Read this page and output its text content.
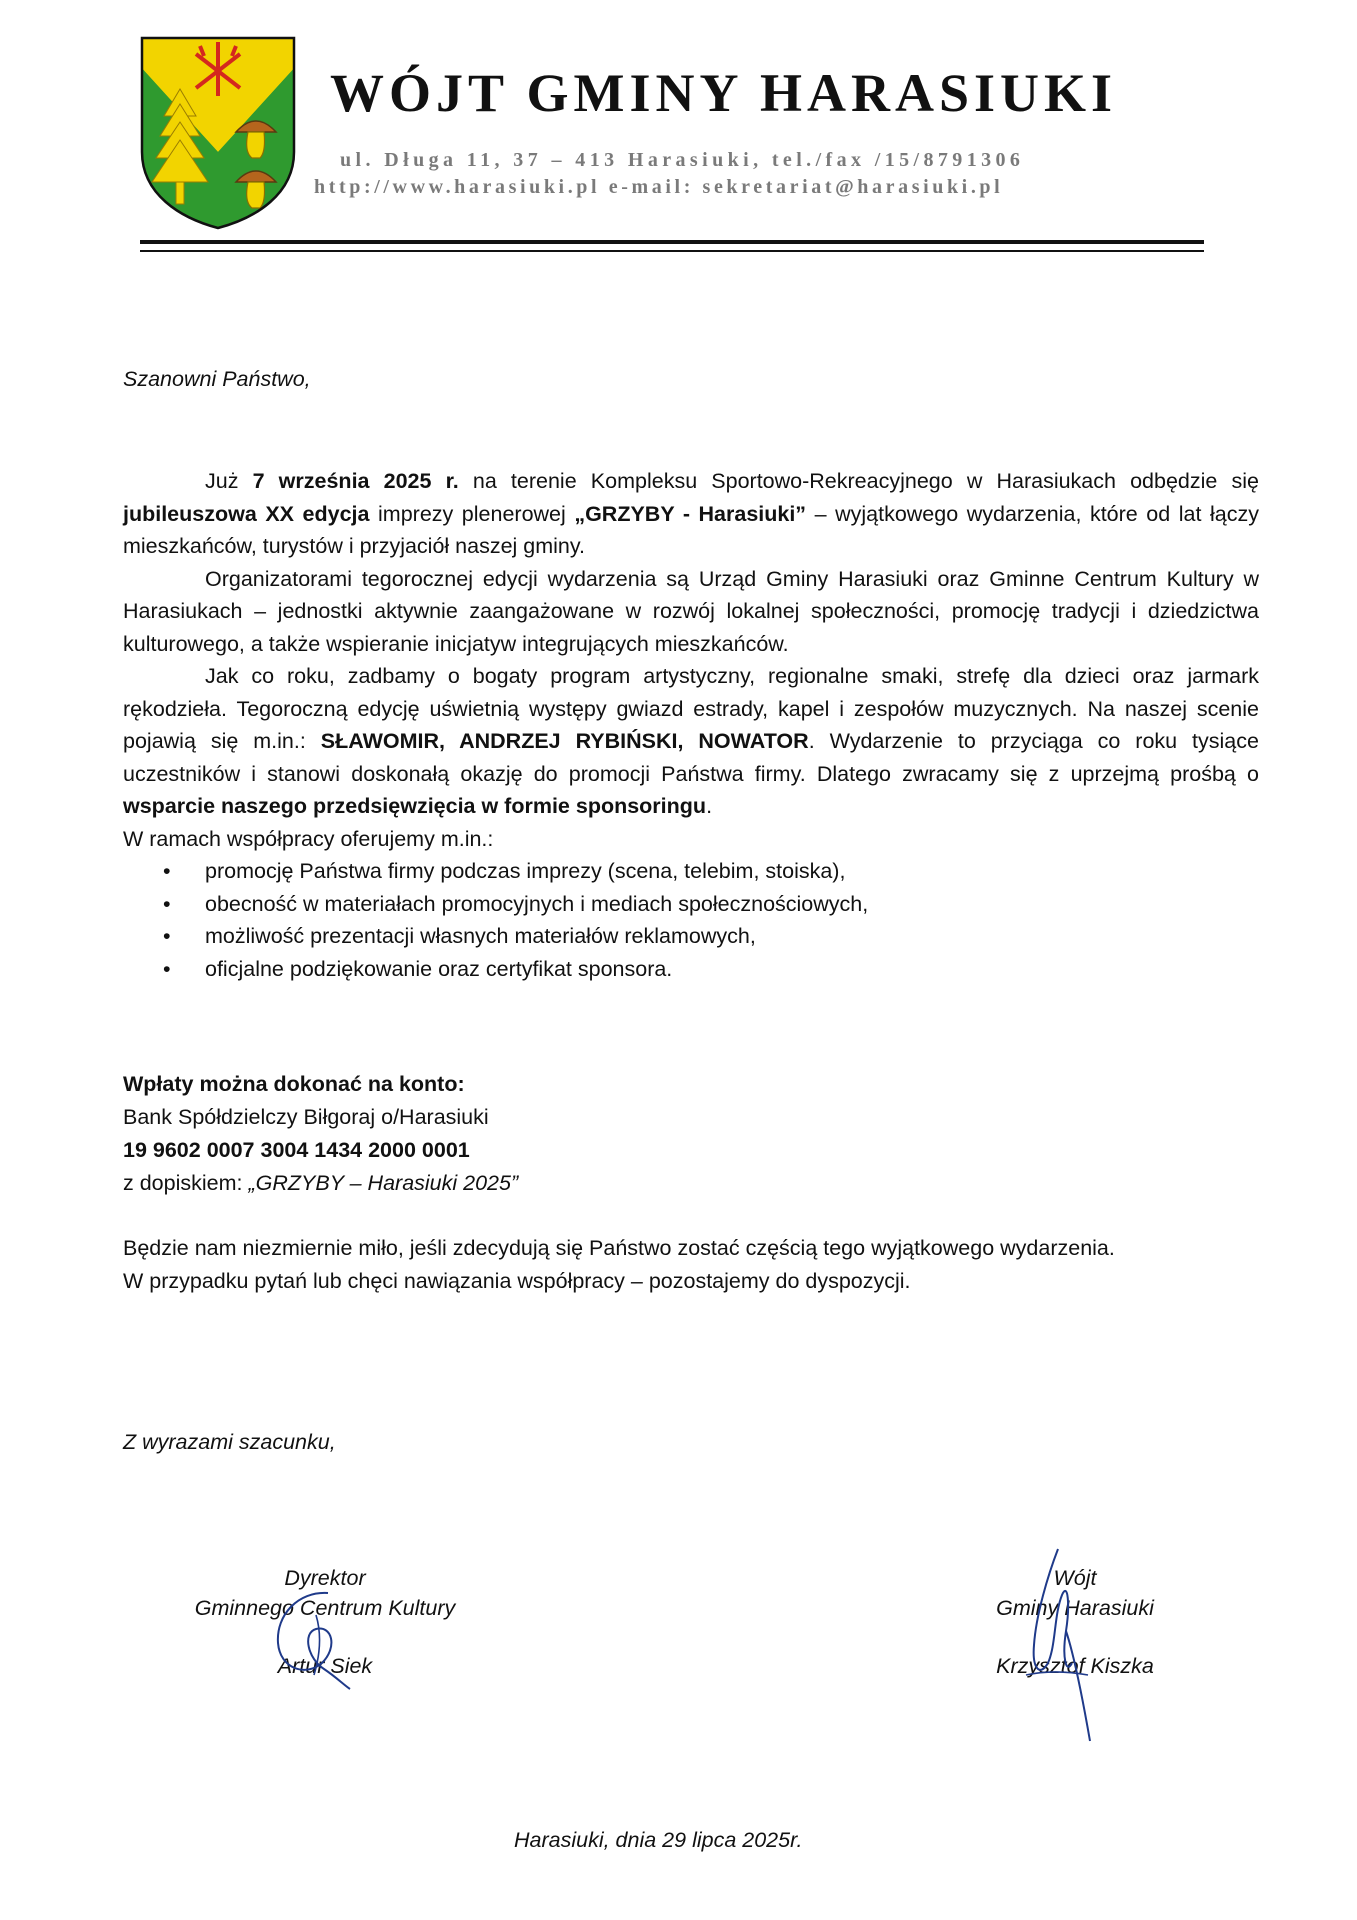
WÓJT GMINY HARASIUKI
ul. Długa 11, 37 – 413 Harasiuki, tel./fax /15/8791306
http://www.harasiuki.pl e-mail: sekretariat@harasiuki.pl
Szanowni Państwo,

Już 7 września 2025 r. na terenie Kompleksu Sportowo-Rekreacyjnego w Harasiukach odbędzie się jubileuszowa XX edycja imprezy plenerowej „GRZYBY - Harasiuki” – wyjątkowego wydarzenia, które od lat łączy mieszkańców, turystów i przyjaciół naszej gminy.

Organizatorami tegorocznej edycji wydarzenia są Urząd Gminy Harasiuki oraz Gminne Centrum Kultury w Harasiukach – jednostki aktywnie zaangażowane w rozwój lokalnej społeczności, promocję tradycji i dziedzictwa kulturowego, a także wspieranie inicjatyw integrujących mieszkańców.

Jak co roku, zadbamy o bogaty program artystyczny, regionalne smaki, strefę dla dzieci oraz jarmark rękodzieła. Tegoroczną edycję uświetnią występy gwiazd estrady, kapel i zespołów muzycznych. Na naszej scenie pojawią się m.in.: SŁAWOMIR, ANDRZEJ RYBIŃSKI, NOWATOR. Wydarzenie to przyciąga co roku tysiące uczestników i stanowi doskonałą okazję do promocji Państwa firmy. Dlatego zwracamy się z uprzejmą prośbą o wsparcie naszego przedsięwzięcia w formie sponsoringu.

W ramach współpracy oferujemy m.in.:

• promocję Państwa firmy podczas imprezy (scena, telebim, stoiska),
• obecność w materiałach promocyjnych i mediach społecznościowych,
• możliwość prezentacji własnych materiałów reklamowych,
• oficjalne podziękowanie oraz certyfikat sponsora.
Wpłaty można dokonać na konto:
Bank Spółdzielczy Biłgoraj o/Harasiuki
19 9602 0007 3004 1434 2000 0001
z dopiskiem: „GRZYBY – Harasiuki 2025”
Będzie nam niezmiernie miło, jeśli zdecydują się Państwo zostać częścią tego wyjątkowego wydarzenia.
W przypadku pytań lub chęci nawiązania współpracy – pozostajemy do dyspozycji.
Z wyrazami szacunku,
Dyrektor
Gminnego Centrum Kultury
Artur Siek
Wójt
Gminy Harasiuki
Krzysztof Kiszka
Harasiuki, dnia 29 lipca 2025r.
